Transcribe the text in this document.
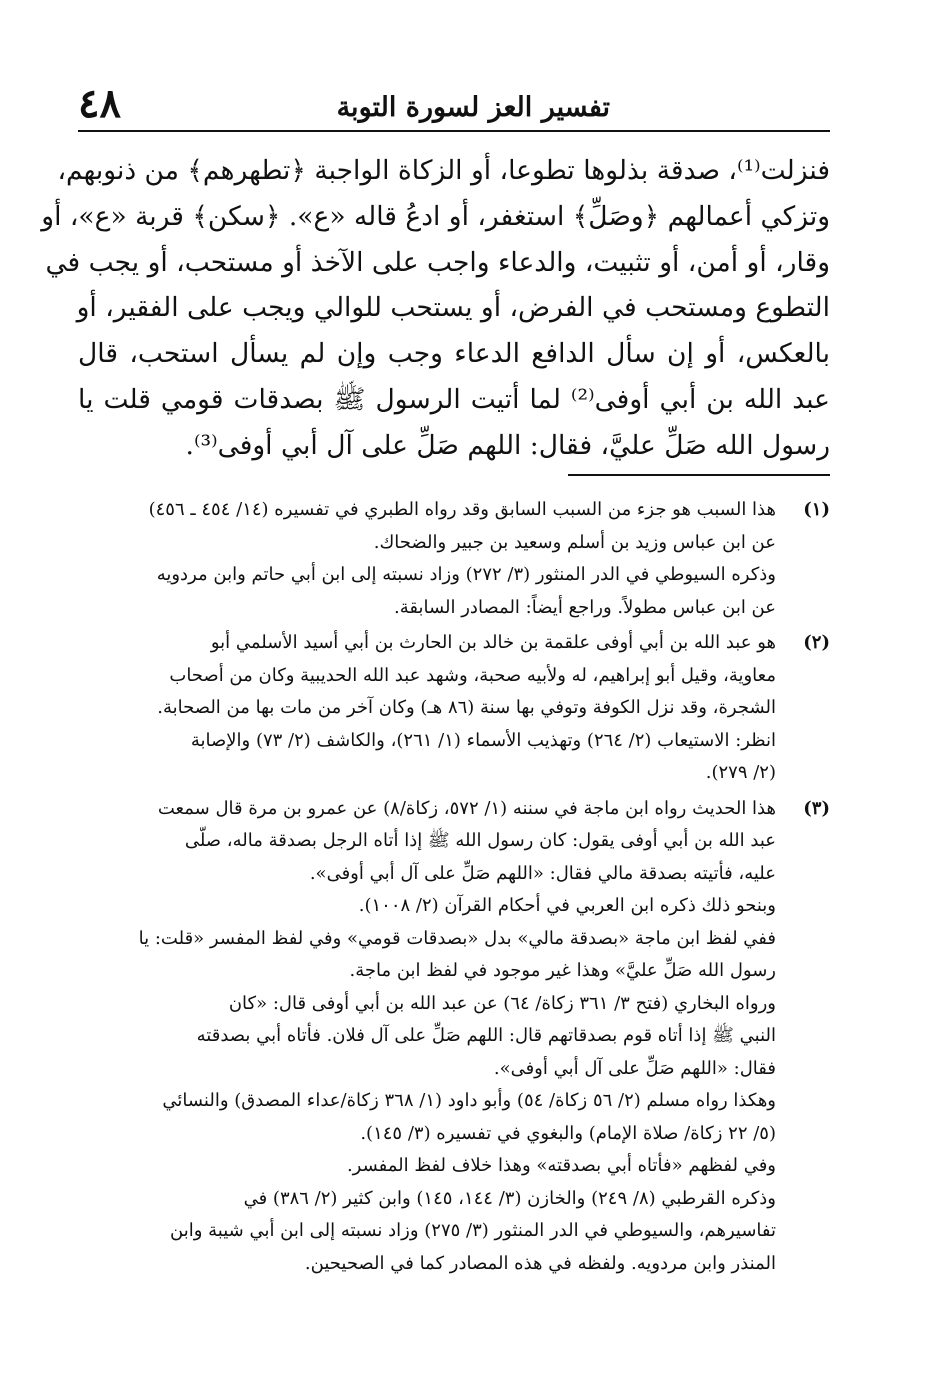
٤٨	تفسير العز لسورة التوبة
فنزلت⁽¹⁾، صدقة بذلوها تطوعا، أو الزكاة الواجبة ﴿تطهرهم﴾ من ذنوبهم،
وتزكي أعمالهم ﴿وصَلِّ﴾ استغفر، أو ادعُ قاله «ع». ﴿سكن﴾ قربة «ع»، أو
وقار، أو أمن، أو تثبيت، والدعاء واجب على الآخذ أو مستحب، أو يجب في
التطوع ومستحب في الفرض، أو يستحب للوالي ويجب على الفقير، أو
بالعكس، أو إن سأل الدافع الدعاء وجب وإن لم يسأل استحب، قال
عبد الله بن أبي أوفى⁽²⁾ لما أتيت الرسول ﷺ بصدقات قومي قلت يا
رسول الله صَلِّ عليَّ، فقال: اللهم صَلِّ على آل أبي أوفى⁽³⁾.
(١)
هذا السبب هو جزء من السبب السابق وقد رواه الطبري في تفسيره (١٤/ ٤٥٤ ـ ٤٥٦)
عن ابن عباس وزيد بن أسلم وسعيد بن جبير والضحاك.
وذكره السيوطي في الدر المنثور (٣/ ٢٧٢) وزاد نسبته إلى ابن أبي حاتم وابن مردويه
عن ابن عباس مطولاً. وراجع أيضاً: المصادر السابقة.
(٢)
هو عبد الله بن أبي أوفى علقمة بن خالد بن الحارث بن أبي أسيد الأسلمي أبو
معاوية، وقيل أبو إبراهيم، له ولأبيه صحبة، وشهد عبد الله الحديبية وكان من أصحاب
الشجرة، وقد نزل الكوفة وتوفي بها سنة (٨٦ هـ) وكان آخر من مات بها من الصحابة.
انظر: الاستيعاب (٢/ ٢٦٤) وتهذيب الأسماء (١/ ٢٦١)، والكاشف (٢/ ٧٣) والإصابة
(٢/ ٢٧٩).
(٣)
هذا الحديث رواه ابن ماجة في سننه (١/ ٥٧٢، زكاة/٨) عن عمرو بن مرة قال سمعت
عبد الله بن أبي أوفى يقول: كان رسول الله ﷺ إذا أتاه الرجل بصدقة ماله، صلّى
عليه، فأتيته بصدقة مالي فقال: «اللهم صَلِّ على آل أبي أوفى».
وبنحو ذلك ذكره ابن العربي في أحكام القرآن (٢/ ١٠٠٨).
ففي لفظ ابن ماجة «بصدقة مالي» بدل «بصدقات قومي» وفي لفظ المفسر «قلت: يا
رسول الله صَلِّ عليَّ» وهذا غير موجود في لفظ ابن ماجة.
ورواه البخاري (فتح ٣/ ٣٦١ زكاة/ ٦٤) عن عبد الله بن أبي أوفى قال: «كان
النبي ﷺ إذا أتاه قوم بصدقاتهم قال: اللهم صَلِّ على آل فلان. فأتاه أبي بصدقته
فقال: «اللهم صَلِّ على آل أبي أوفى».
وهكذا رواه مسلم (٢/ ٥٦ زكاة/ ٥٤) وأبو داود (١/ ٣٦٨ زكاة/عداء المصدق) والنسائي
(٥/ ٢٢ زكاة/ صلاة الإمام) والبغوي في تفسيره (٣/ ١٤٥).
وفي لفظهم «فأتاه أبي بصدقته» وهذا خلاف لفظ المفسر.
وذكره القرطبي (٨/ ٢٤٩) والخازن (٣/ ١٤٤، ١٤٥) وابن كثير (٢/ ٣٨٦) في
تفاسيرهم، والسيوطي في الدر المنثور (٣/ ٢٧٥) وزاد نسبته إلى ابن أبي شيبة وابن
المنذر وابن مردويه. ولفظه في هذه المصادر كما في الصحيحين.
